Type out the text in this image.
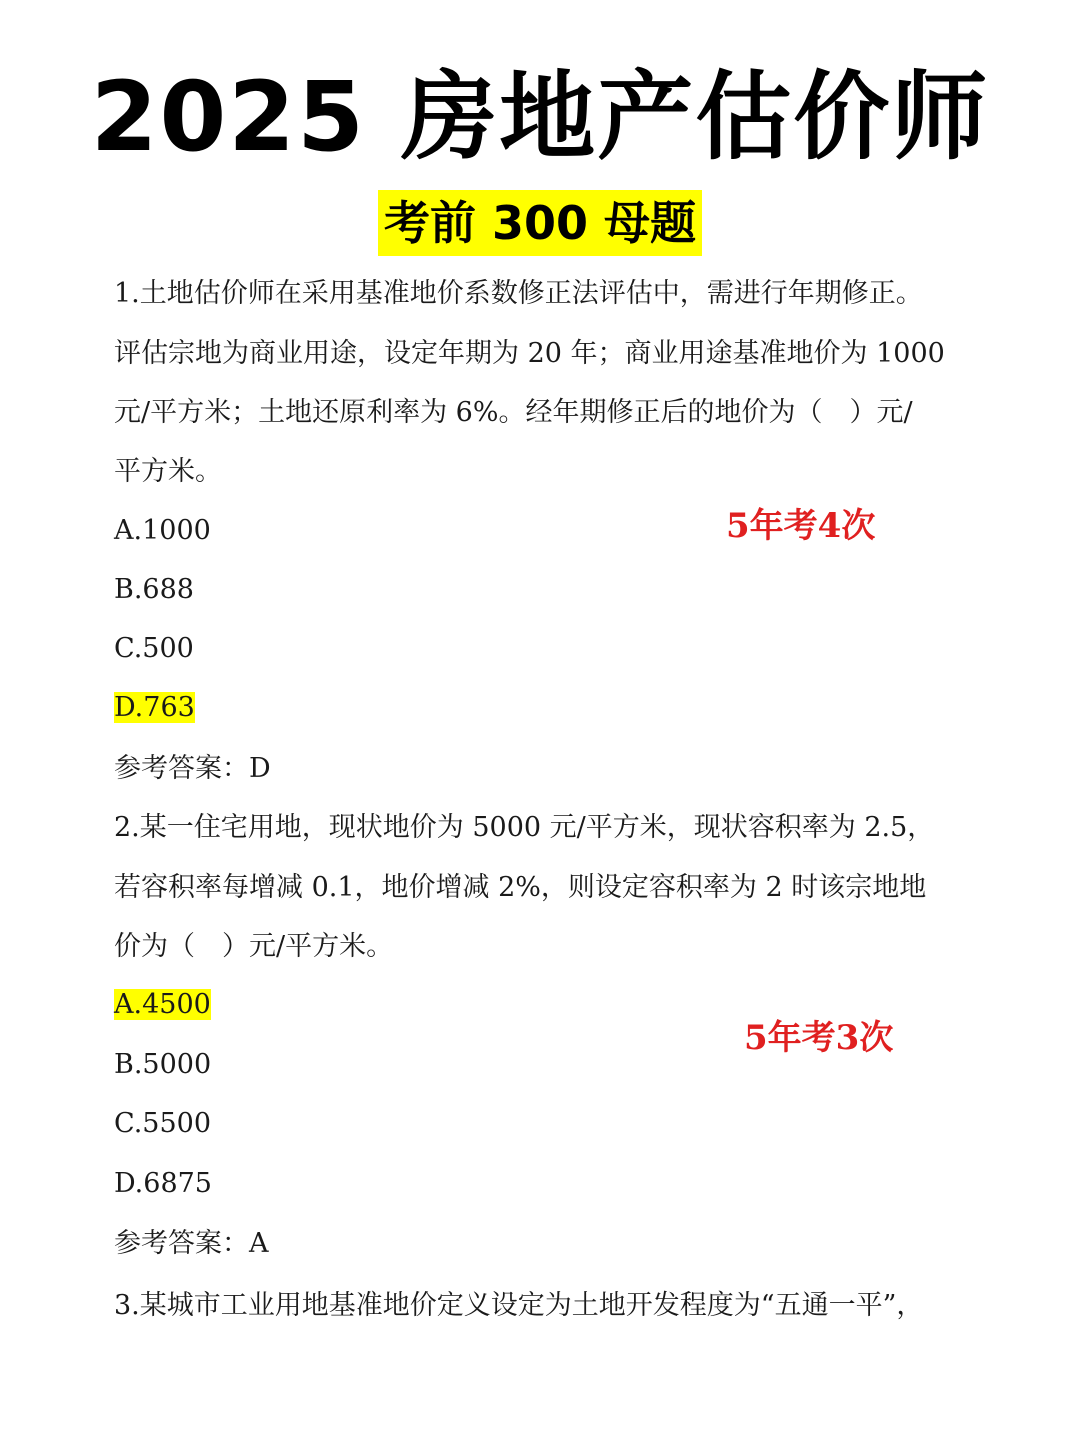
2025 房地产估价师
考前 300 母题
1.土地估价师在采用基准地价系数修正法评估中，需进行年期修正。
评估宗地为商业用途，设定年期为 20 年；商业用途基准地价为 1000
元/平方米；土地还原利率为 6%。经年期修正后的地价为（　）元/
平方米。
A.1000
B.688
C.500
D.763
参考答案：D
5年考4次
2.某一住宅用地，现状地价为 5000 元/平方米，现状容积率为 2.5，
若容积率每增减 0.1，地价增减 2%，则设定容积率为 2 时该宗地地
价为（　）元/平方米。
A.4500
B.5000
C.5500
D.6875
参考答案：A
5年考3次
3.某城市工业用地基准地价定义设定为土地开发程度为“五通一平”，
